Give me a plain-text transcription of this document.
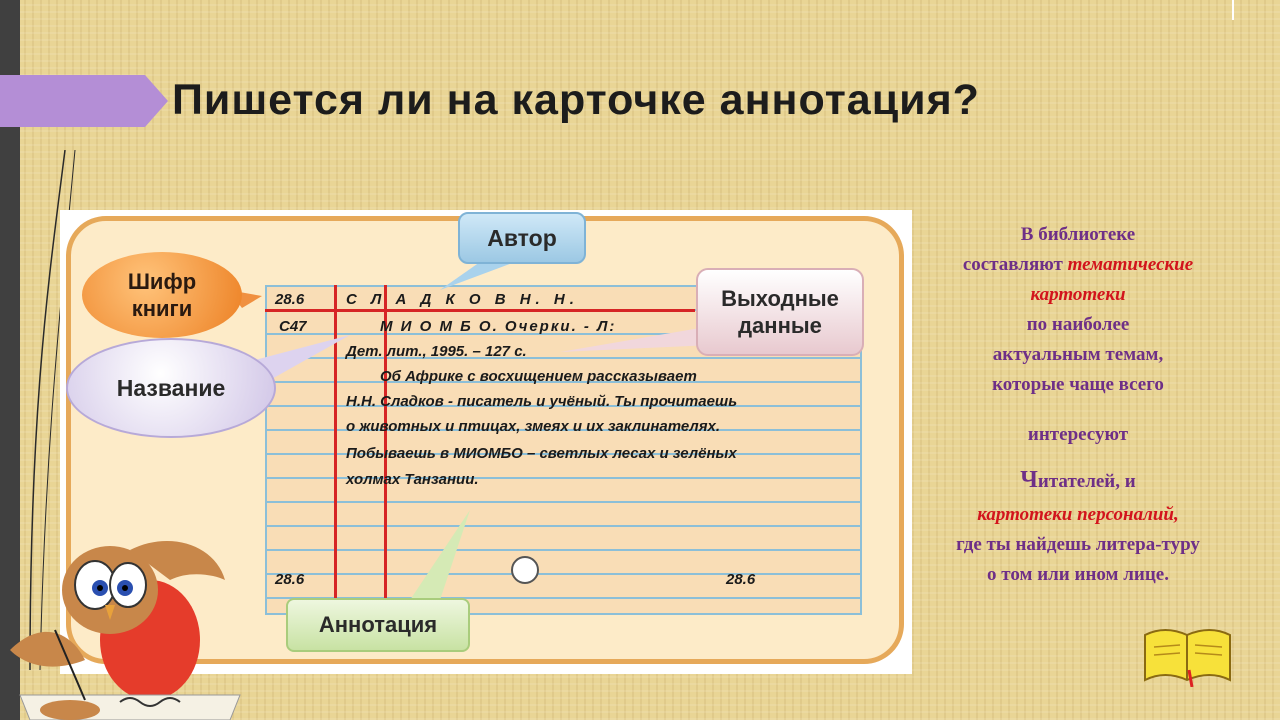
Пишется ли на карточке аннотация?

28.6	С Л А Д К О В Н. Н.

С47	М И О М Б О. Очерки. - Л:

Дет. лит., 1995. – 127 с.

Об Африке с восхищением рассказывает

Н.Н. Сладков - писатель и учёный. Ты прочитаешь

о животных и птицах, змеях и их заклинателях.

Побываешь в МИОМБО – светлых лесах и зелёных

холмах Танзании.

28.6	28.6

Автор
Шифр
книги	Выходные
данные
Название
Аннотация

В библиотеке

составляют тематические

картотеки

по наиболее

актуальным темам,

которые чаще всего

интересуют

Читателей, и

картотеки персоналий,

где ты найдешь литера-туру

о том или ином лице.
